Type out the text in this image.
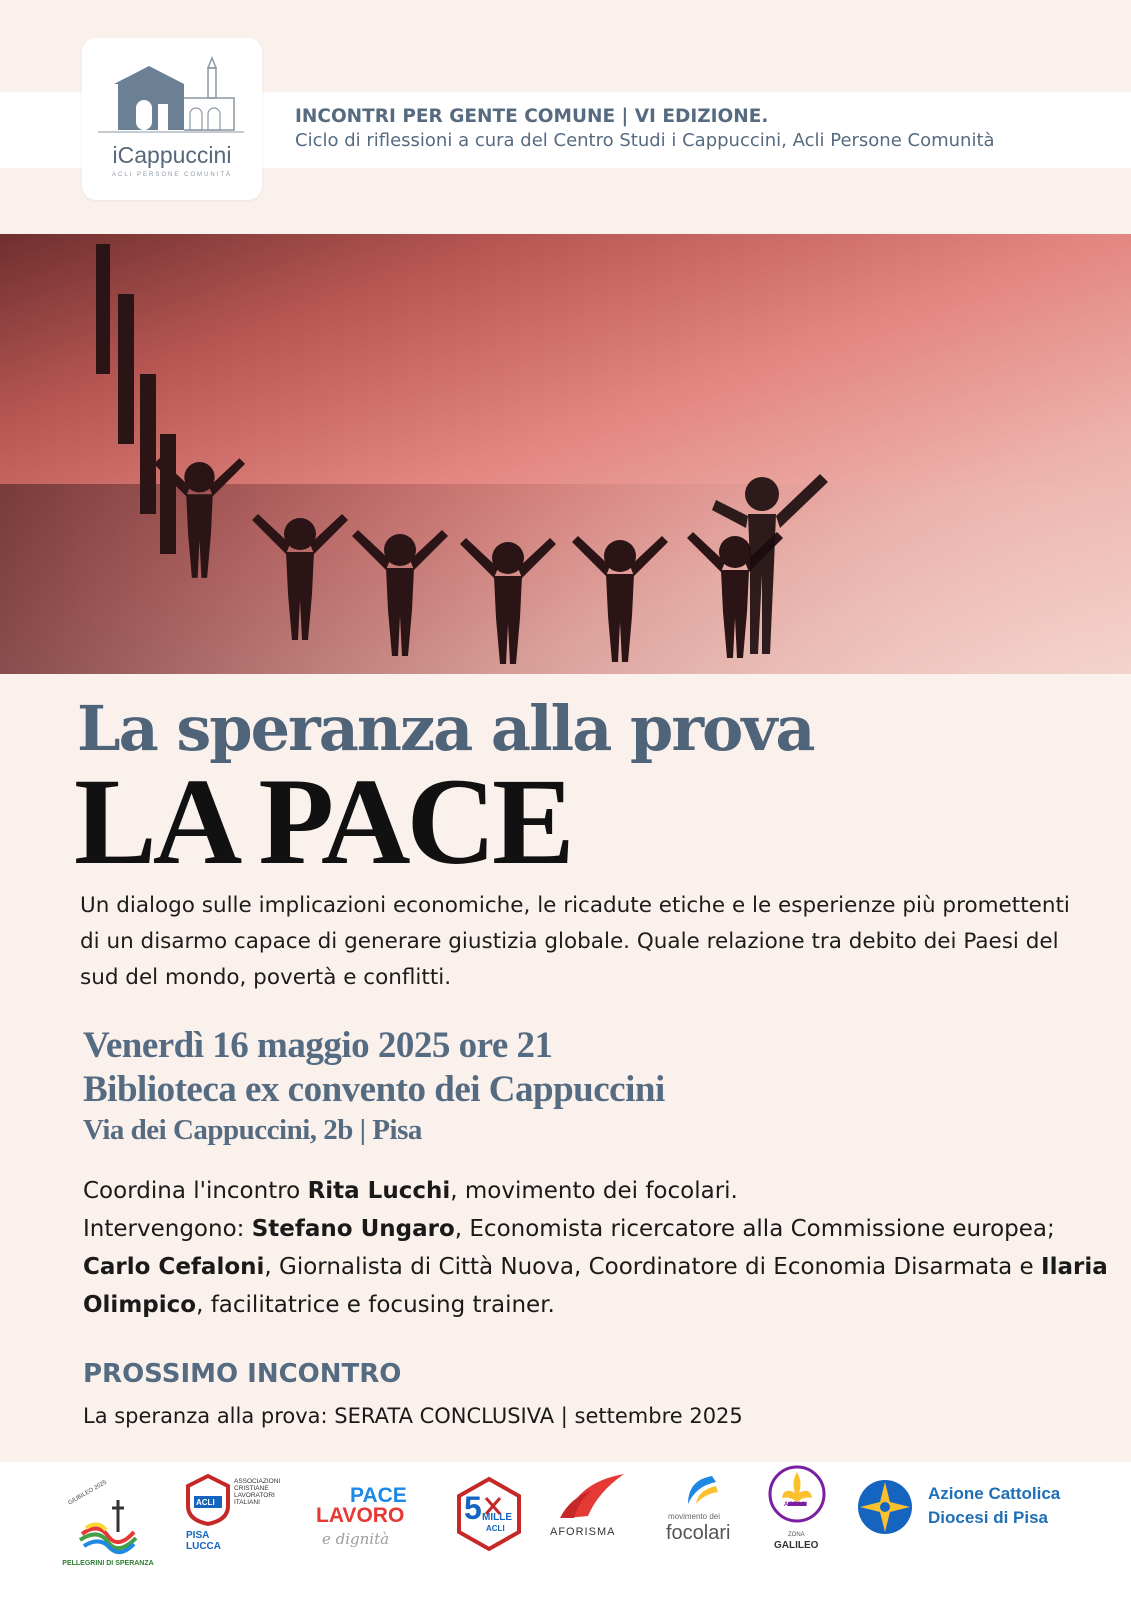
iCappuccini
ACLI PERSONE COMUNITÀ
INCONTRI PER GENTE COMUNE | VI EDIZIONE.
Ciclo di riflessioni a cura del Centro Studi i Cappuccini, Acli Persone Comunità
La speranza alla prova
LA PACE

Un dialogo sulle implicazioni economiche, le ricadute etiche e le esperienze più promettenti di un disarmo capace di generare giustizia globale. Quale relazione tra debito dei Paesi del sud del mondo, povertà e conflitti.

Venerdì 16 maggio 2025 ore 21
Biblioteca ex convento dei Cappuccini
Via dei Cappuccini, 2b | Pisa

Coordina l'incontro Rita Lucchi, movimento dei focolari.
Intervengono: Stefano Ungaro, Economista ricercatore alla Commissione europea; Carlo Cefaloni, Giornalista di Città Nuova, Coordinatore di Economia Disarmata e Ilaria Olimpico, facilitatrice e focusing trainer.

PROSSIMO INCONTRO
La speranza alla prova: SERATA CONCLUSIVA | settembre 2025
GIUBILEO 2025
PELLEGRINI DI SPERANZA
ACLI
ASSOCIAZIONI CRISTIANE LAVORATORI ITALIANI
PISA LUCCA
PACE
LAVORO
e dignità
5 MILLE
ACLI	AFORISMA
movimento dei
focolari
AGESCI
ZONA
GALILEO
Azione Cattolica
Diocesi di Pisa
